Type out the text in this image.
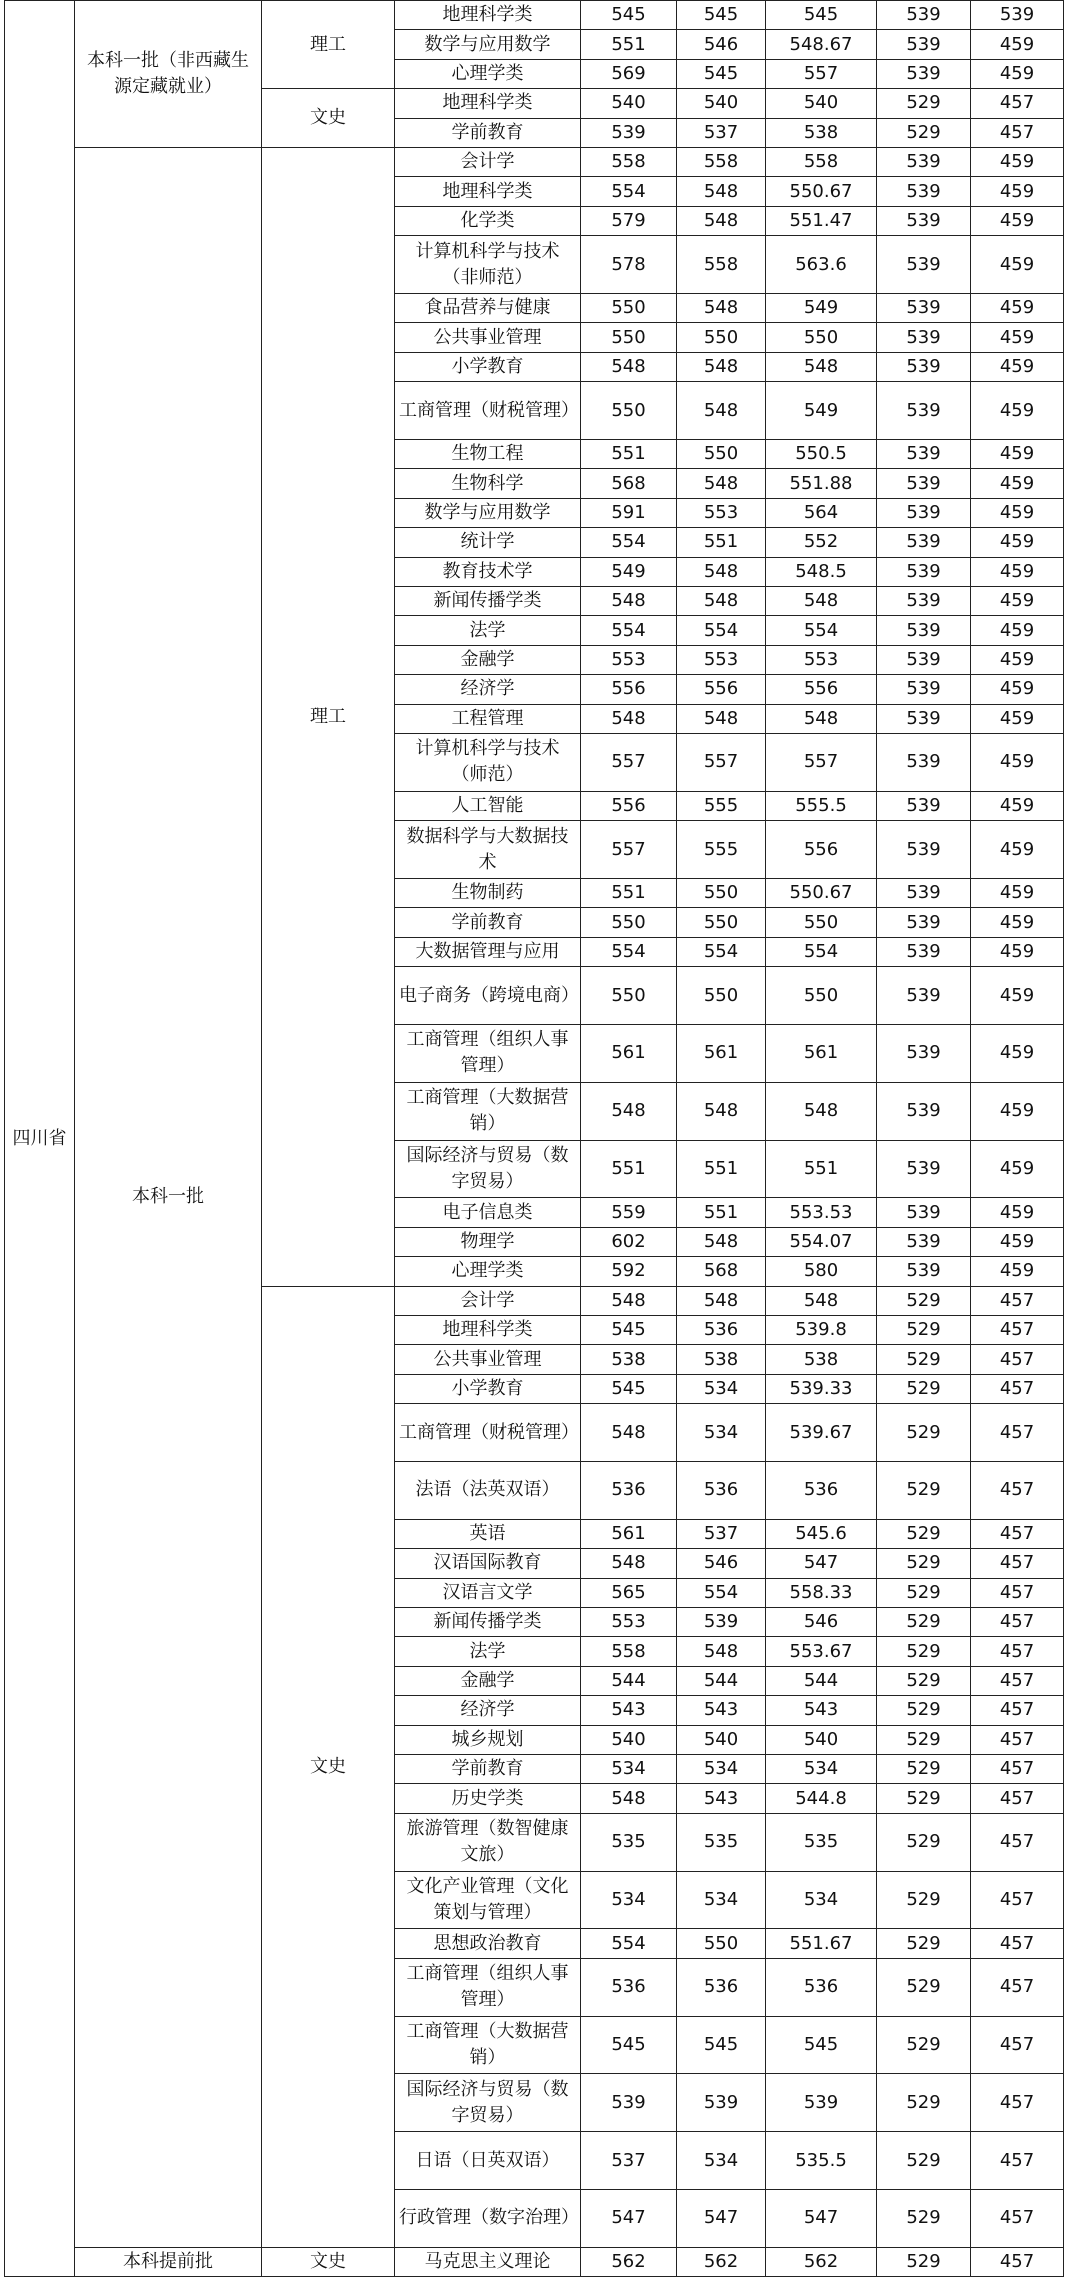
四川省	本科一批（非西藏生源定藏就业）	理工	地理科学类	545	545	545	539	539
			数学与应用数学	551	546	548.67	539	459
			心理学类	569	545	557	539	459
		文史	地理科学类	540	540	540	529	457
			学前教育	539	537	538	529	457
	本科一批	理工	会计学	558	558	558	539	459
			地理科学类	554	548	550.67	539	459
			化学类	579	548	551.47	539	459
			计算机科学与技术（非师范）	578	558	563.6	539	459
			食品营养与健康	550	548	549	539	459
			公共事业管理	550	550	550	539	459
			小学教育	548	548	548	539	459
			工商管理（财税管理）	550	548	549	539	459
			生物工程	551	550	550.5	539	459
			生物科学	568	548	551.88	539	459
			数学与应用数学	591	553	564	539	459
			统计学	554	551	552	539	459
			教育技术学	549	548	548.5	539	459
			新闻传播学类	548	548	548	539	459
			法学	554	554	554	539	459
			金融学	553	553	553	539	459
			经济学	556	556	556	539	459
			工程管理	548	548	548	539	459
			计算机科学与技术（师范）	557	557	557	539	459
			人工智能	556	555	555.5	539	459
			数据科学与大数据技术	557	555	556	539	459
			生物制药	551	550	550.67	539	459
			学前教育	550	550	550	539	459
			大数据管理与应用	554	554	554	539	459
			电子商务（跨境电商）	550	550	550	539	459
			工商管理（组织人事管理）	561	561	561	539	459
			工商管理（大数据营销）	548	548	548	539	459
			国际经济与贸易（数字贸易）	551	551	551	539	459
			电子信息类	559	551	553.53	539	459
			物理学	602	548	554.07	539	459
			心理学类	592	568	580	539	459
		文史	会计学	548	548	548	529	457
			地理科学类	545	536	539.8	529	457
			公共事业管理	538	538	538	529	457
			小学教育	545	534	539.33	529	457
			工商管理（财税管理）	548	534	539.67	529	457
			法语（法英双语）	536	536	536	529	457
			英语	561	537	545.6	529	457
			汉语国际教育	548	546	547	529	457
			汉语言文学	565	554	558.33	529	457
			新闻传播学类	553	539	546	529	457
			法学	558	548	553.67	529	457
			金融学	544	544	544	529	457
			经济学	543	543	543	529	457
			城乡规划	540	540	540	529	457
			学前教育	534	534	534	529	457
			历史学类	548	543	544.8	529	457
			旅游管理（数智健康文旅）	535	535	535	529	457
			文化产业管理（文化策划与管理）	534	534	534	529	457
			思想政治教育	554	550	551.67	529	457
			工商管理（组织人事管理）	536	536	536	529	457
			工商管理（大数据营销）	545	545	545	529	457
			国际经济与贸易（数字贸易）	539	539	539	529	457
			日语（日英双语）	537	534	535.5	529	457
			行政管理（数字治理）	547	547	547	529	457
	本科提前批	文史	马克思主义理论	562	562	562	529	457
